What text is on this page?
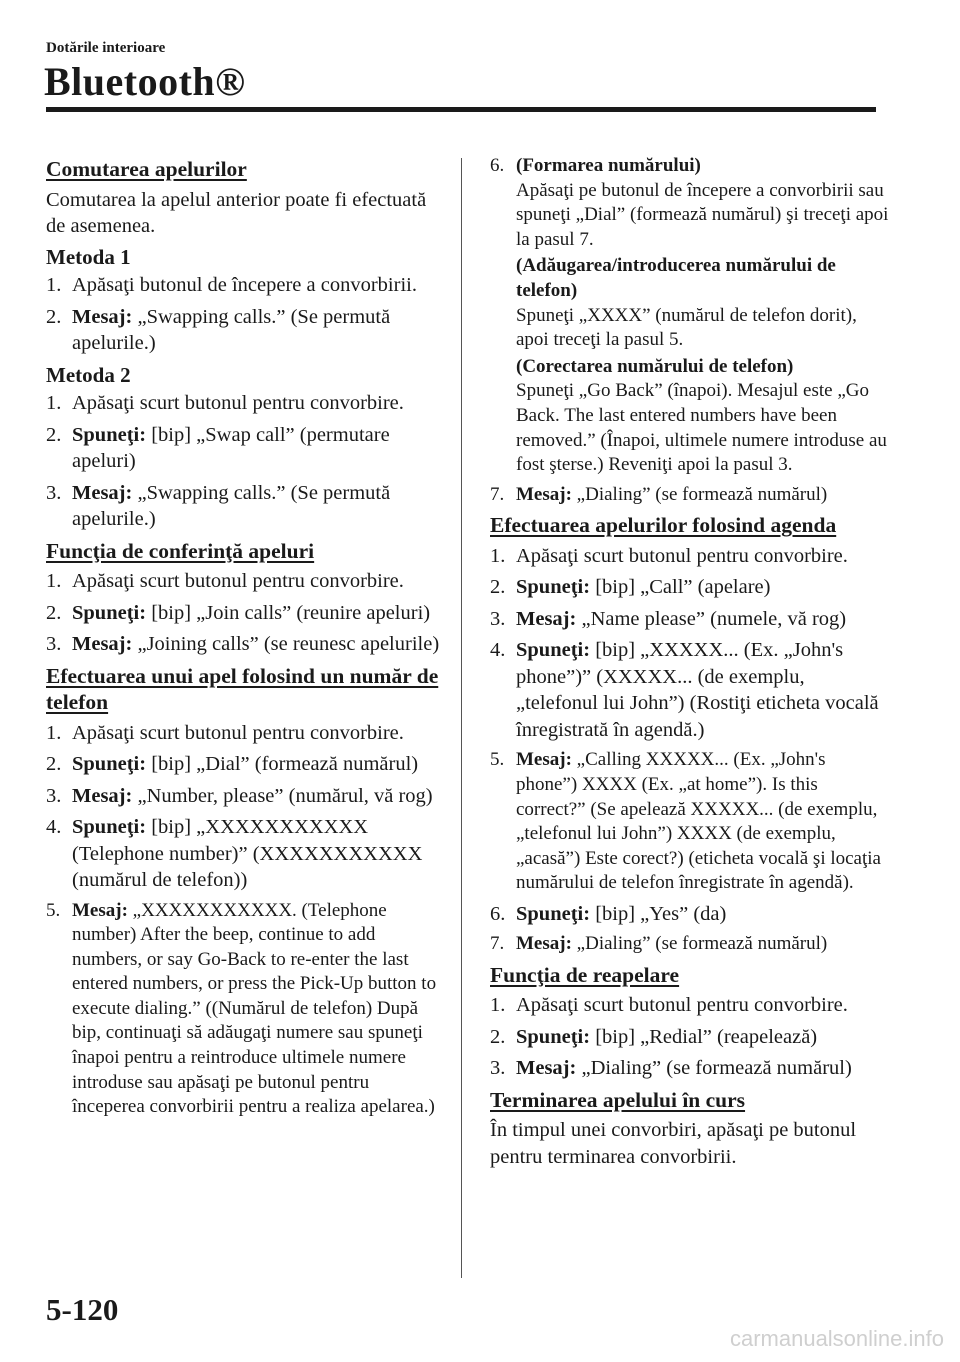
Dotările interioare
Bluetooth®
Comutarea apelurilor
Comutarea la apelul anterior poate fi efectuată de asemenea.
Metoda 1
1. Apăsaţi butonul de începere a convorbirii.
2. Mesaj: „Swapping calls.” (Se permută apelurile.)
Metoda 2
1. Apăsaţi scurt butonul pentru convorbire.
2. Spuneţi: [bip] „Swap call” (permutare apeluri)
3. Mesaj: „Swapping calls.” (Se permută apelurile.)
Funcţia de conferinţă apeluri
1. Apăsaţi scurt butonul pentru convorbire.
2. Spuneţi: [bip] „Join calls” (reunire apeluri)
3. Mesaj: „Joining calls” (se reunesc apelurile)
Efectuarea unui apel folosind un număr de telefon
1. Apăsaţi scurt butonul pentru convorbire.
2. Spuneţi: [bip] „Dial” (formează numărul)
3. Mesaj: „Number, please” (numărul, vă rog)
4. Spuneţi: [bip] „XXXXXXXXXXX (Telephone number)” (XXXXXXXXXXX (numărul de telefon))
5. Mesaj: „XXXXXXXXXXX. (Telephone number) After the beep, continue to add numbers, or say Go-Back to re-enter the last entered numbers, or press the Pick-Up button to execute dialing.” ((Numărul de telefon) După bip, continuaţi să adăugaţi numere sau spuneţi înapoi pentru a reintroduce ultimele numere introduse sau apăsaţi pe butonul pentru începerea convorbirii pentru a realiza apelarea.)
6. (Formarea numărului)
Apăsaţi pe butonul de începere a convorbirii sau spuneţi „Dial” (formează numărul) şi treceţi apoi la pasul 7.
(Adăugarea/introducerea numărului de telefon)
Spuneţi „XXXX” (numărul de telefon dorit), apoi treceţi la pasul 5.
(Corectarea numărului de telefon)
Spuneţi „Go Back” (înapoi). Mesajul este „Go Back. The last entered numbers have been removed.” (Înapoi, ultimele numere introduse au fost şterse.) Reveniţi apoi la pasul 3.
7. Mesaj: „Dialing” (se formează numărul)
Efectuarea apelurilor folosind agenda
1. Apăsaţi scurt butonul pentru convorbire.
2. Spuneţi: [bip] „Call” (apelare)
3. Mesaj: „Name please” (numele, vă rog)
4. Spuneţi: [bip] „XXXXX... (Ex. „John's phone”)” (XXXXX... (de exemplu, „telefonul lui John”) (Rostiţi eticheta vocală înregistrată în agendă.)
5. Mesaj: „Calling XXXXX... (Ex. „John's phone”) XXXX (Ex. „at home”). Is this correct?” (Se apelează XXXXX... (de exemplu, „telefonul lui John”) XXXX (de exemplu, „acasă”) Este corect?) (eticheta vocală şi locaţia numărului de telefon înregistrate în agendă).
6. Spuneţi: [bip] „Yes” (da)
7. Mesaj: „Dialing” (se formează numărul)
Funcţia de reapelare
1. Apăsaţi scurt butonul pentru convorbire.
2. Spuneţi: [bip] „Redial” (reapelează)
3. Mesaj: „Dialing” (se formează numărul)
Terminarea apelului în curs
În timpul unei convorbiri, apăsaţi pe butonul pentru terminarea convorbirii.
5-120
carmanualsonline.info
